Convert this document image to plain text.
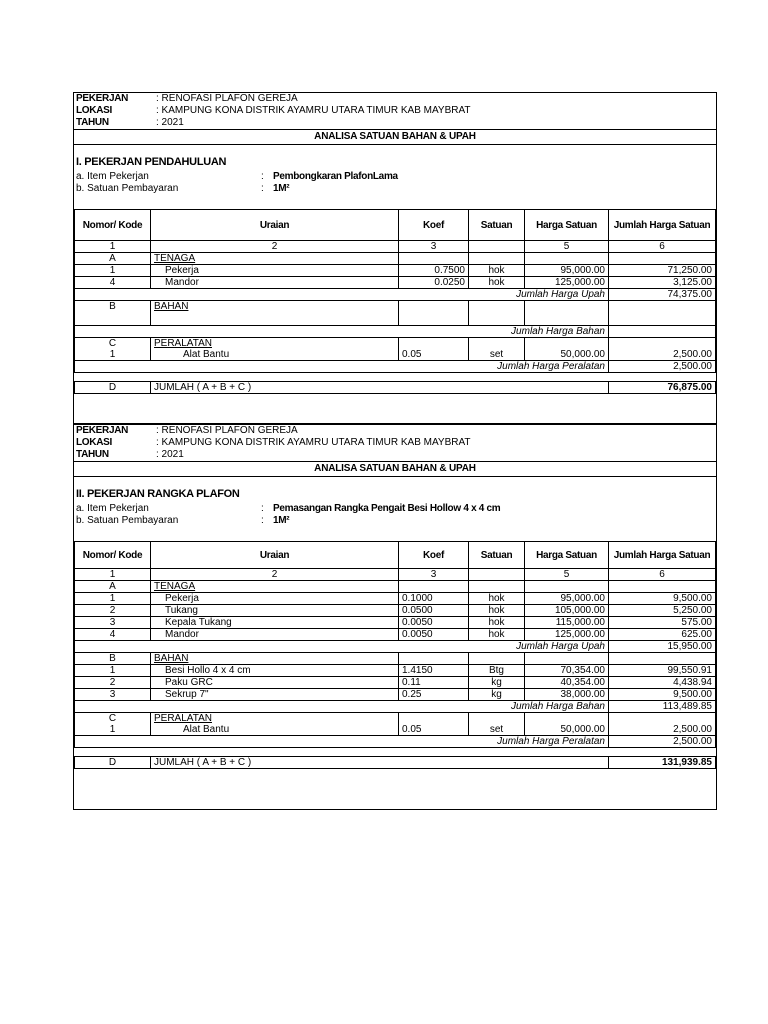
PEKERJAN	: RENOFASI PLAFON GEREJA
LOKASI	: KAMPUNG KONA DISTRIK AYAMRU UTARA TIMUR KAB MAYBRAT
TAHUN	: 2021
ANALISA SATUAN BAHAN & UPAH
I. PEKERJAN PENDAHULUAN
a. Item Pekerjan	: Pembongkaran PlafonLama
b. Satuan Pembayaran	: 1M²
Nomor/ Kode	Uraian	Koef	Satuan	Harga Satuan	Jumlah Harga Satuan
1	2	3		5	6
A	TENAGA				
1	Pekerja	0.7500	hok	95,000.00	71,250.00
4	Mandor	0.0250	hok	125,000.00	3,125.00
Jumlah Harga Upah					74,375.00
B	BAHAN				
Jumlah Harga Bahan					
C	PERALATAN				
1	Alat Bantu	0.05	set	50,000.00	2,500.00
Jumlah Harga Peralatan					2,500.00

D	JUMLAH ( A + B + C )				76,875.00
PEKERJAN	: RENOFASI PLAFON GEREJA
LOKASI	: KAMPUNG KONA DISTRIK AYAMRU UTARA TIMUR KAB MAYBRAT
TAHUN	: 2021
ANALISA SATUAN BAHAN & UPAH
II. PEKERJAN RANGKA PLAFON
a. Item Pekerjan	: Pemasangan Rangka Pengait Besi Hollow 4 x 4 cm
b. Satuan Pembayaran	: 1M²
Nomor/ Kode	Uraian	Koef	Satuan	Harga Satuan	Jumlah Harga Satuan
1	2	3		5	6
A	TENAGA				
1	Pekerja	0.1000	hok	95,000.00	9,500.00
2	Tukang	0.0500	hok	105,000.00	5,250.00
3	Kepala Tukang	0.0050	hok	115,000.00	575.00
4	Mandor	0.0050	hok	125,000.00	625.00
Jumlah Harga Upah					15,950.00
B	BAHAN				
1	Besi Hollo 4 x 4 cm	1.4150	Btg	70,354.00	99,550.91
2	Paku GRC	0.11	kg	40,354.00	4,438.94
3	Sekrup 7"	0.25	kg	38,000.00	9,500.00
Jumlah Harga Bahan					113,489.85
C	PERALATAN				
1	Alat Bantu	0.05	set	50,000.00	2,500.00
Jumlah Harga Peralatan					2,500.00

D	JUMLAH ( A + B + C )				131,939.85
